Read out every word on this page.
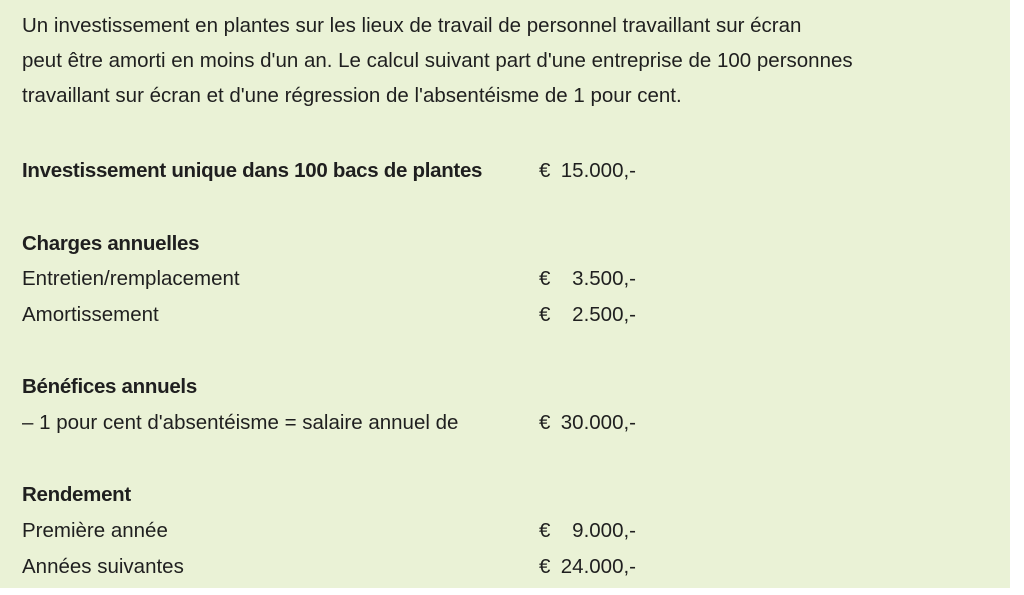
Un investissement en plantes sur les lieux de travail de personnel travaillant sur écran
peut être amorti en moins d'un an. Le calcul suivant part d'une entreprise de 100 personnes
travaillant sur écran et d'une régression de l'absentéisme de 1 pour cent.

Investissement unique dans 100 bacs de plantes	€ 15.000,-
Charges annuelles
Entretien/remplacement	€ 3.500,-
Amortissement	€ 2.500,-
Bénéfices annuels
– 1 pour cent d'absentéisme = salaire annuel de	€ 30.000,-
Rendement
Première année	€ 9.000,-
Années suivantes	€ 24.000,-
